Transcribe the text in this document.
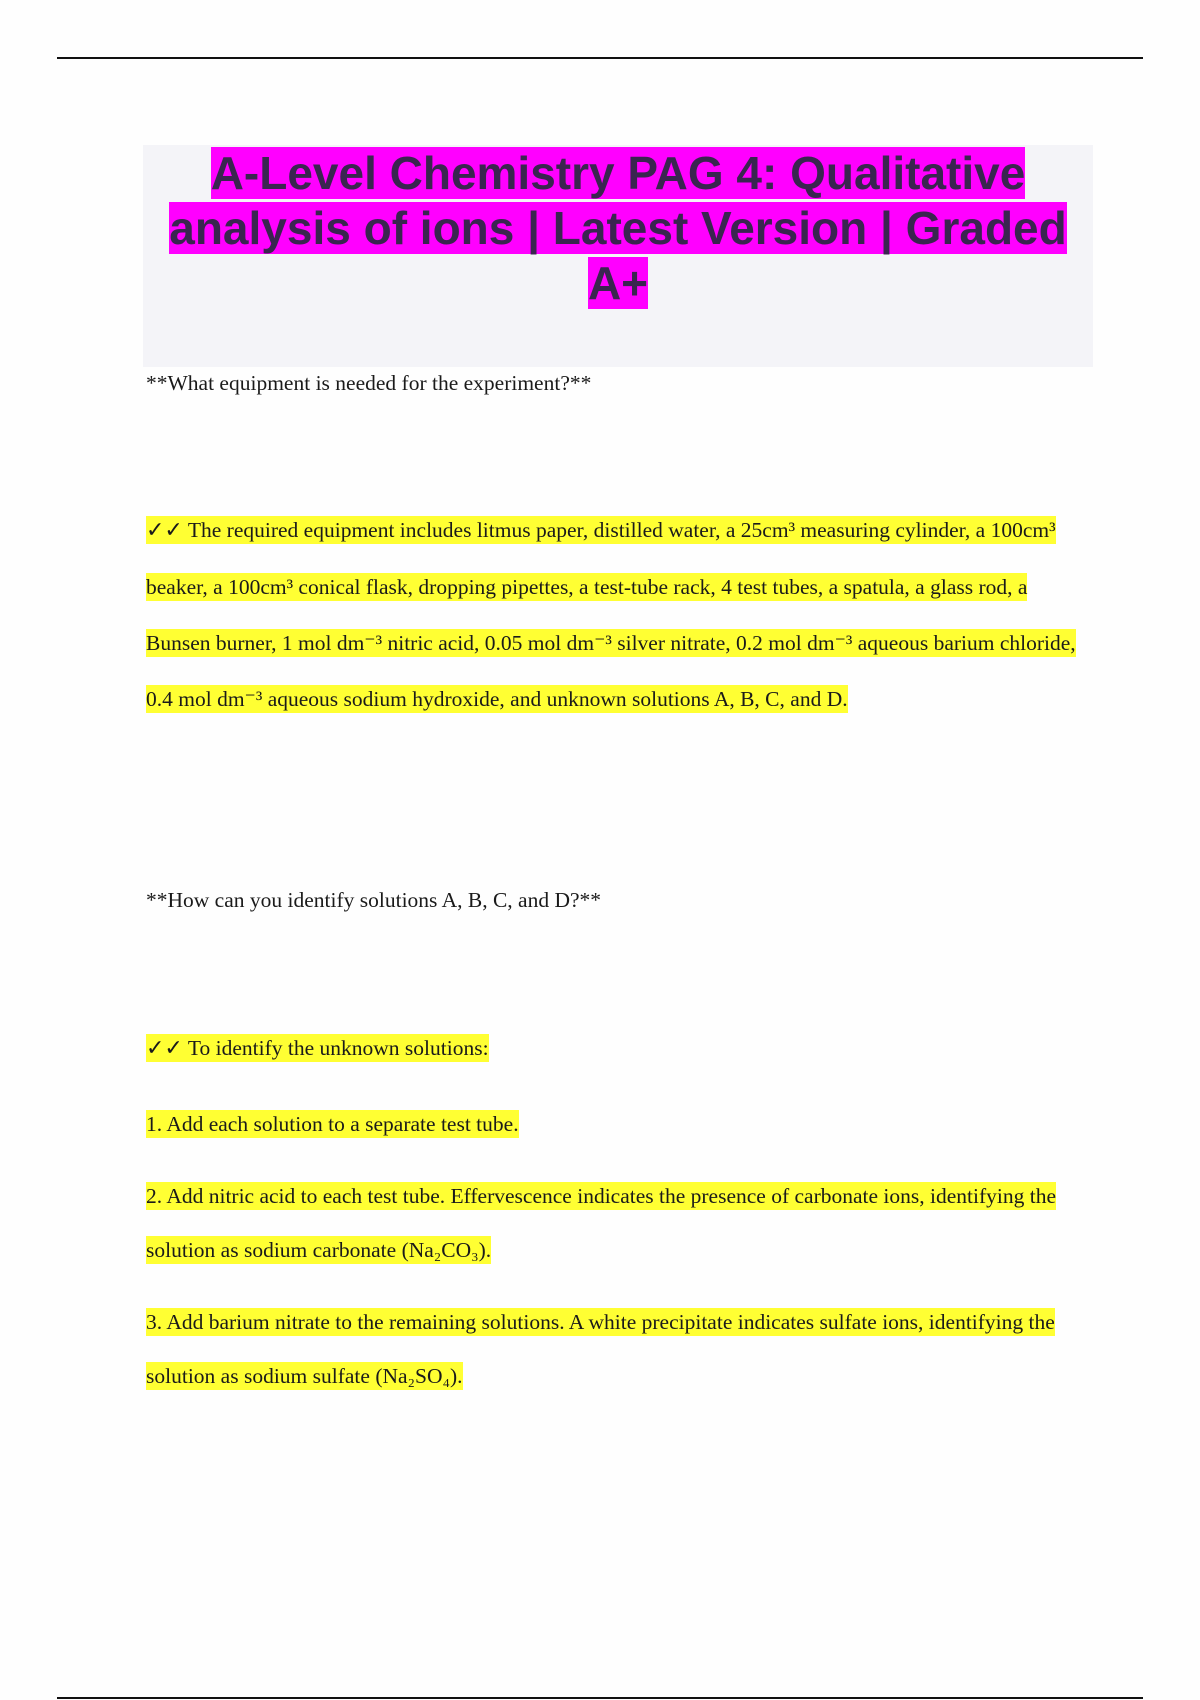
A-Level Chemistry PAG 4: Qualitative analysis of ions | Latest Version | Graded A+
**What equipment is needed for the experiment?**
✓✓ The required equipment includes litmus paper, distilled water, a 25cm³ measuring cylinder, a 100cm³ beaker, a 100cm³ conical flask, dropping pipettes, a test-tube rack, 4 test tubes, a spatula, a glass rod, a Bunsen burner, 1 mol dm⁻³ nitric acid, 0.05 mol dm⁻³ silver nitrate, 0.2 mol dm⁻³ aqueous barium chloride, 0.4 mol dm⁻³ aqueous sodium hydroxide, and unknown solutions A, B, C, and D.
**How can you identify solutions A, B, C, and D?**
✓✓ To identify the unknown solutions:
1. Add each solution to a separate test tube.
2. Add nitric acid to each test tube. Effervescence indicates the presence of carbonate ions, identifying the solution as sodium carbonate (Na₂CO₃).
3. Add barium nitrate to the remaining solutions. A white precipitate indicates sulfate ions, identifying the solution as sodium sulfate (Na₂SO₄).
